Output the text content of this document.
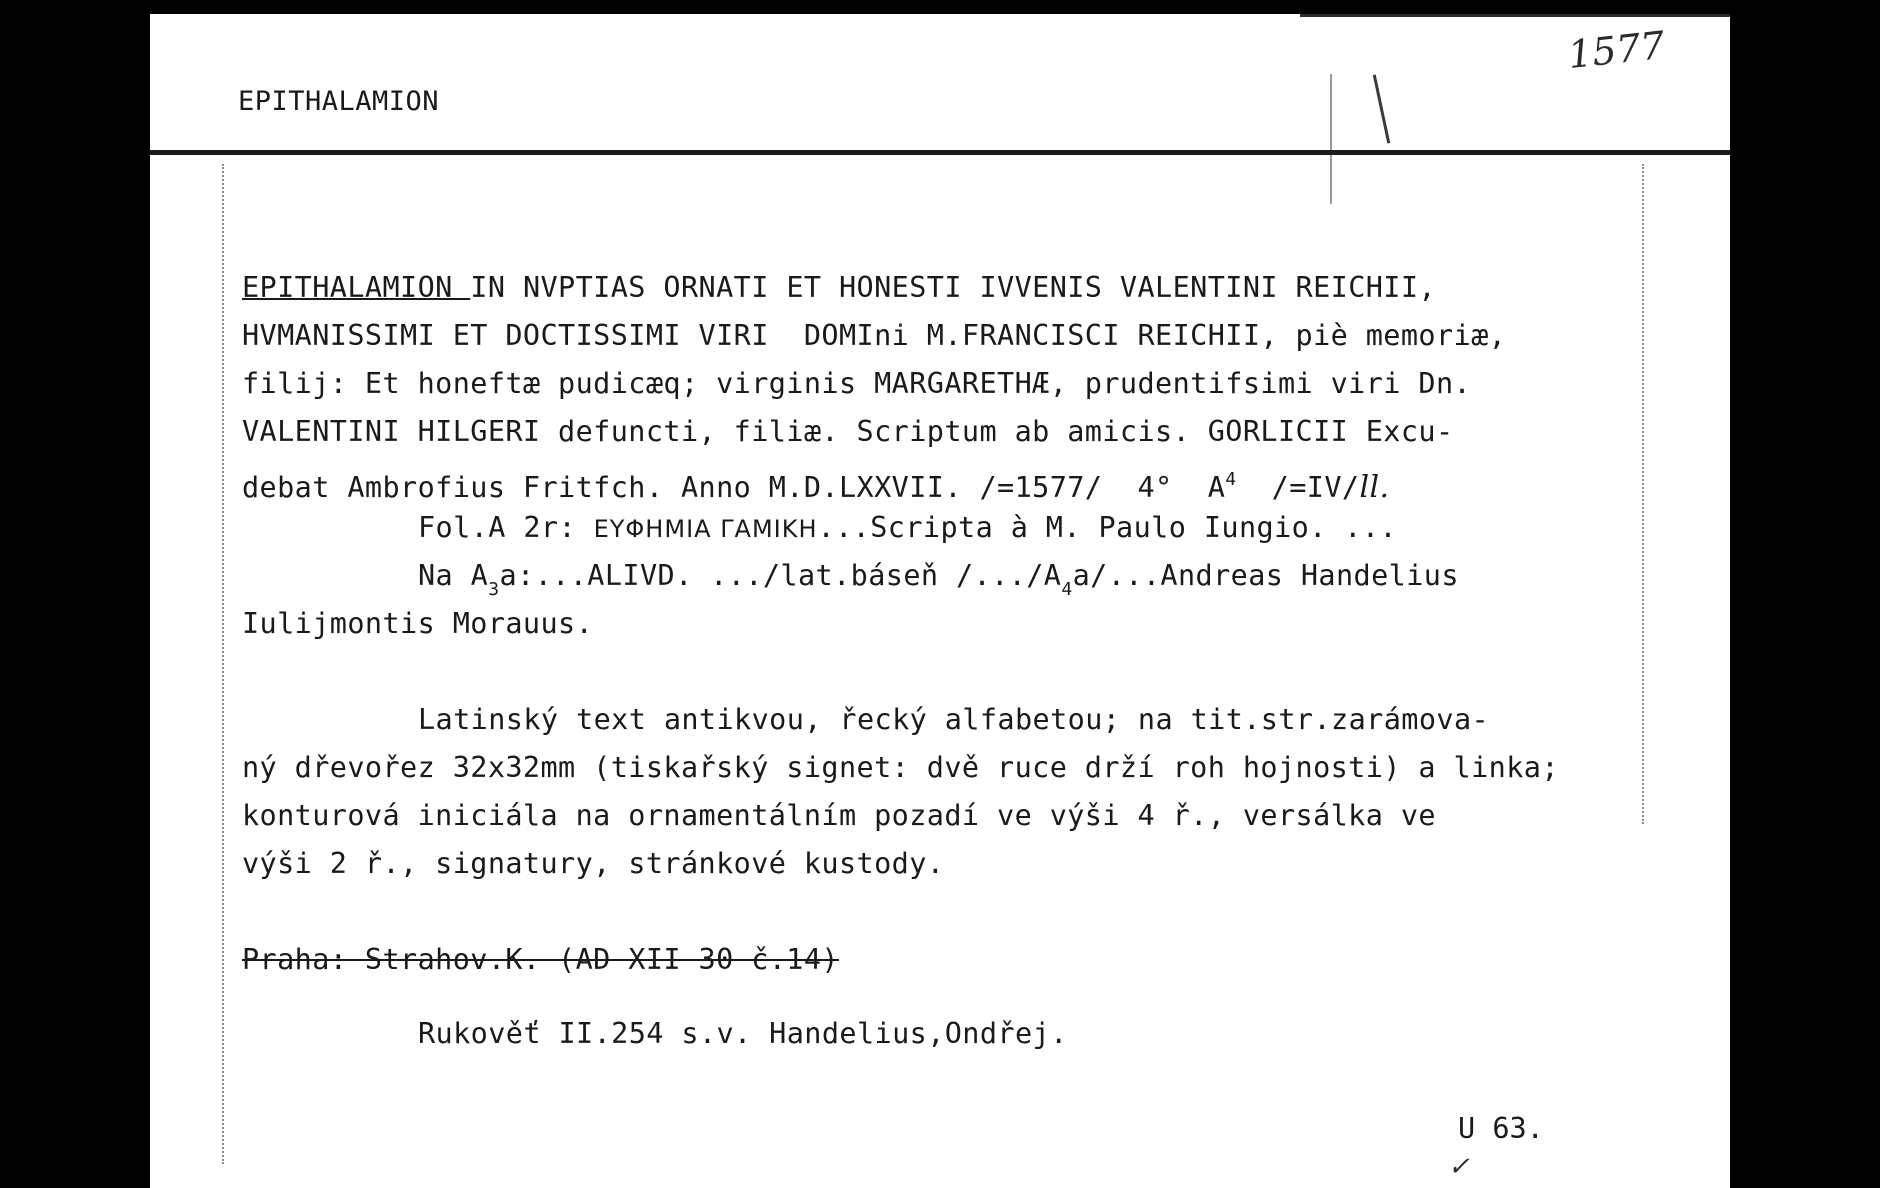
EPITHALAMION
1577
EPITHALAMION IN NVPTIAS ORNATI ET HONESTI IVVENIS VALENTINI REICHII,
HVMANISSIMI ET DOCTISSIMI VIRI  DOMIni M.FRANCISCI REICHII, piè memoriæ,
filij: Et honeftæ pudicæq; virginis MARGARETHÆ, prudentifsimi viri Dn.
VALENTINI HILGERI defuncti, filiæ. Scriptum ab amicis. GORLICII Excu-
debat Ambrofius Fritfch. Anno M.D.LXXVII. /=1577/  4°  $A^4$  /=IV/ll.
Fol.A 2r: ΕΥΦΗΜΙΑ ΓΑΜΙΚΗ...Scripta à M. Paulo Iungio. ...
Na $A_3a:...ALIVD$. .../lat.báseň $/.../A_4a/...Andreas$ Handelius
Iulijmontis Morauus.
Latinský text antikvou, řecký alfabetou; na tit.str.zarámova-
ný dřevořez 32x32mm (tiskařský signet: dvě ruce drží roh hojnosti) a linka;
konturová iniciála na ornamentálním pozadí ve výši 4 ř., versálka ve
výši 2 ř., signatury, stránkové kustody.
Praha: Strahov.K. (AD XII 30 č.14)
Rukověť II.254 s.v. Handelius,Ondřej.
U 63.
✓
